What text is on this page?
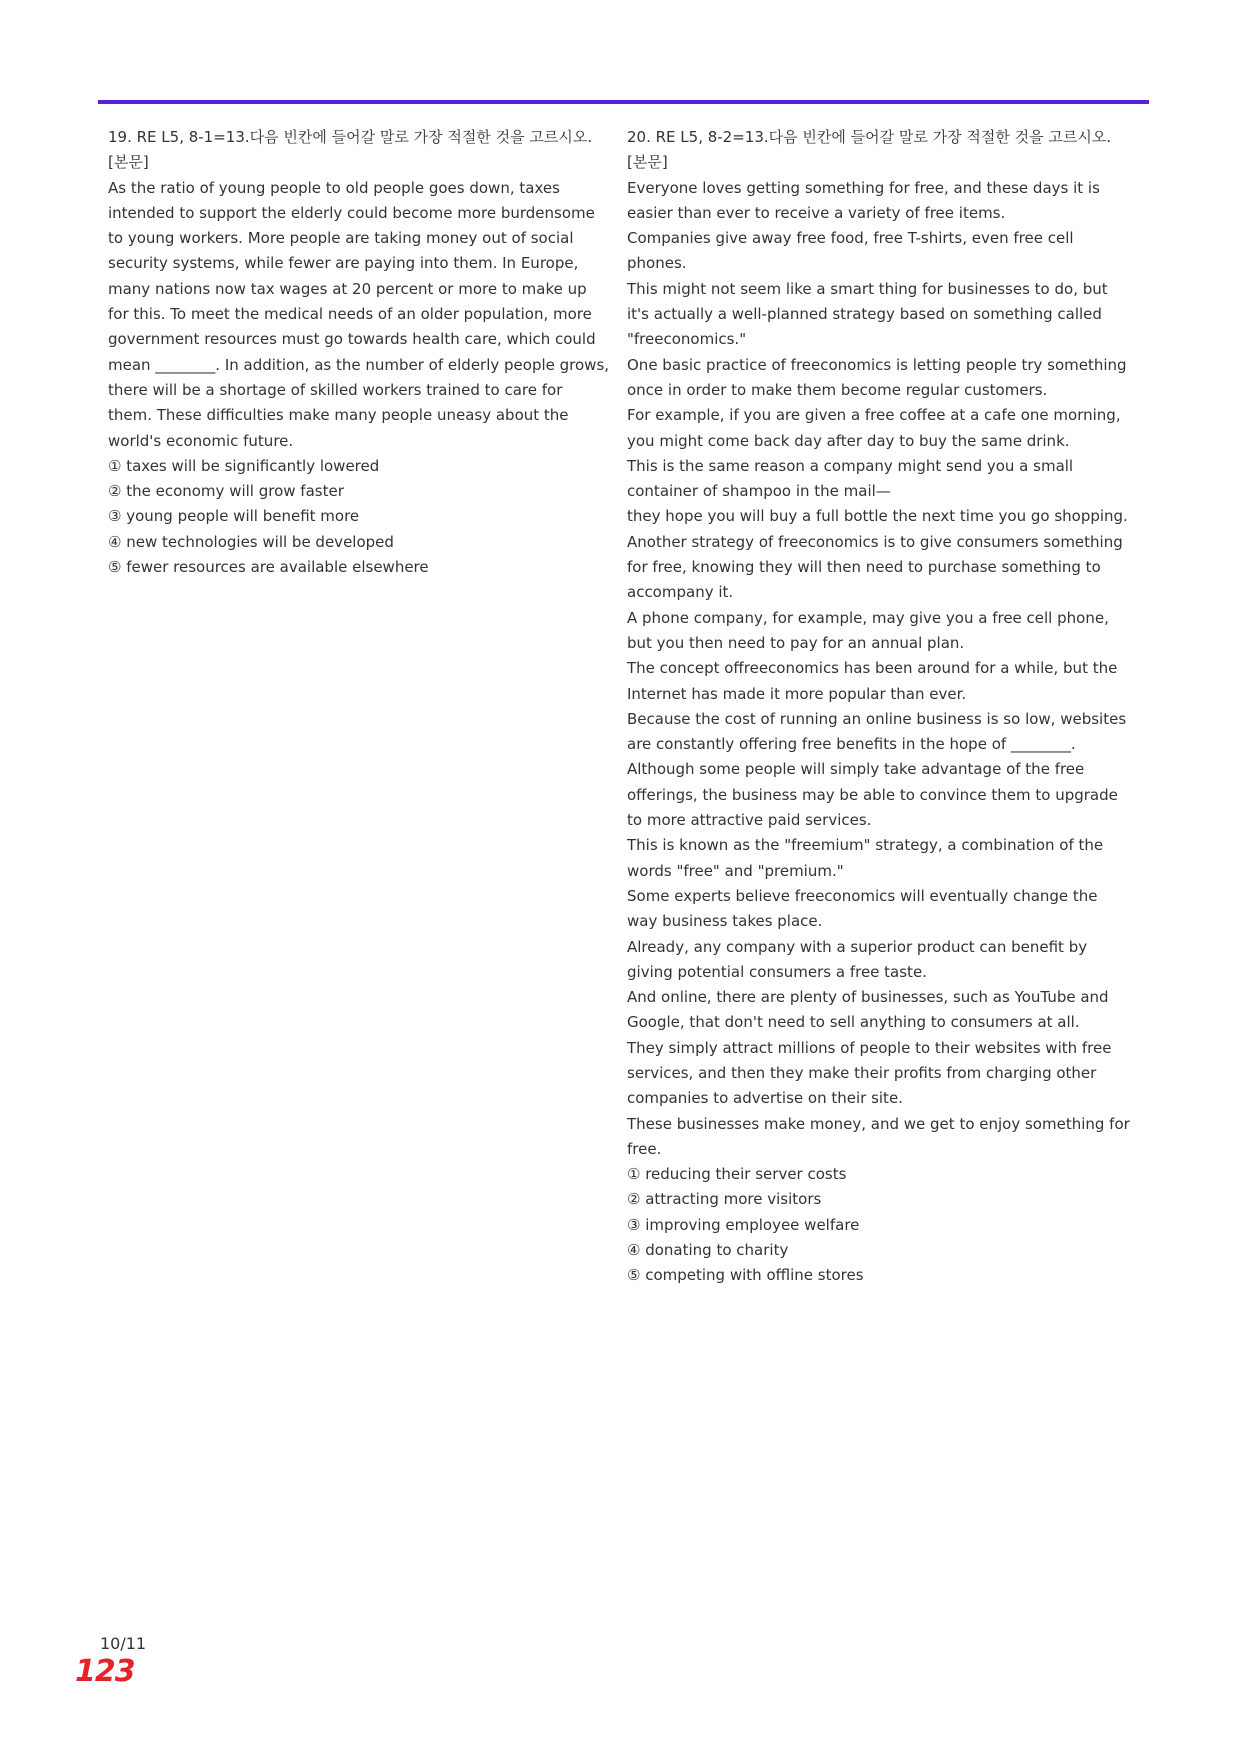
19. RE L5, 8-1=13.다음 빈칸에 들어갈 말로 가장 적절한 것을 고르시오.

[본문]

As the ratio of young people to old people goes down, taxes intended to support the elderly could become more burdensome to young workers. More people are taking money out of social security systems, while fewer are paying into them. In Europe, many nations now tax wages at 20 percent or more to make up for this. To meet the medical needs of an older population, more government resources must go towards health care, which could mean ________. In addition, as the number of elderly people grows, there will be a shortage of skilled workers trained to care for them. These difficulties make many people uneasy about the world's economic future.

① taxes will be significantly lowered
② the economy will grow faster
③ young people will benefit more
④ new technologies will be developed
⑤ fewer resources are available elsewhere

20. RE L5, 8-2=13.다음 빈칸에 들어갈 말로 가장 적절한 것을 고르시오.

[본문]

Everyone loves getting something for free, and these days it is easier than ever to receive a variety of free items.

Companies give away free food, free T-shirts, even free cell phones.

This might not seem like a smart thing for businesses to do, but it's actually a well-planned strategy based on something called "freeconomics."

One basic practice of freeconomics is letting people try something once in order to make them become regular customers.

For example, if you are given a free coffee at a cafe one morning, you might come back day after day to buy the same drink.

This is the same reason a company might send you a small container of shampoo in the mail—

they hope you will buy a full bottle the next time you go shopping.

Another strategy of freeconomics is to give consumers something for free, knowing they will then need to purchase something to accompany it.

A phone company, for example, may give you a free cell phone, but you then need to pay for an annual plan.

The concept offreeconomics has been around for a while, but the Internet has made it more popular than ever.

Because the cost of running an online business is so low, websites are constantly offering free benefits in the hope of ________.

Although some people will simply take advantage of the free offerings, the business may be able to convince them to upgrade to more attractive paid services.

This is known as the "freemium" strategy, a combination of the words "free" and "premium."

Some experts believe freeconomics will eventually change the way business takes place.

Already, any company with a superior product can benefit by giving potential consumers a free taste.

And online, there are plenty of businesses, such as YouTube and Google, that don't need to sell anything to consumers at all.

They simply attract millions of people to their websites with free services, and then they make their profits from charging other companies to advertise on their site.

These businesses make money, and we get to enjoy something for free.

① reducing their server costs
② attracting more visitors
③ improving employee welfare
④ donating to charity
⑤ competing with offline stores
10/11
123
